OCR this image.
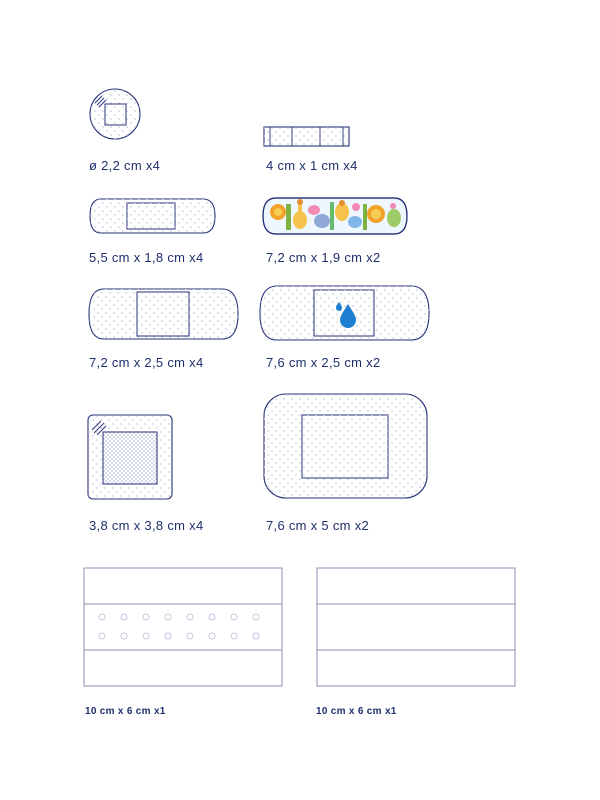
ø 2,2 cm x4	4 cm x 1 cm x4
5,5 cm x 1,8 cm x4	7,2 cm x 1,9 cm x2
7,2 cm x 2,5 cm x4	7,6 cm x 2,5 cm x2
3,8 cm x 3,8 cm x4	7,6 cm x 5 cm x2
10 cm x 6 cm x1	10 cm x 6 cm x1
